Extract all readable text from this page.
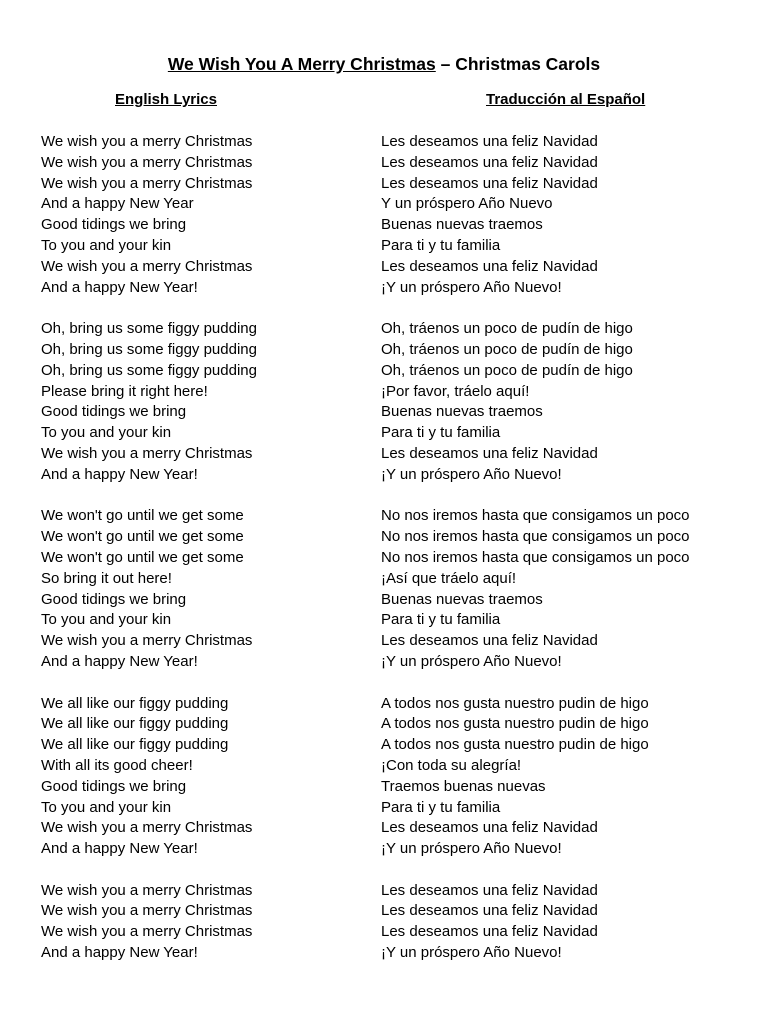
We Wish You A Merry Christmas – Christmas Carols
English Lyrics	Traducción al Español
We wish you a merry Christmas
We wish you a merry Christmas
We wish you a merry Christmas
And a happy New Year
Good tidings we bring
To you and your kin
We wish you a merry Christmas
And a happy New Year!
Oh, bring us some figgy pudding
Oh, bring us some figgy pudding
Oh, bring us some figgy pudding
Please bring it right here!
Good tidings we bring
To you and your kin
We wish you a merry Christmas
And a happy New Year!
We won't go until we get some
We won't go until we get some
We won't go until we get some
So bring it out here!
Good tidings we bring
To you and your kin
We wish you a merry Christmas
And a happy New Year!
We all like our figgy pudding
We all like our figgy pudding
We all like our figgy pudding
With all its good cheer!
Good tidings we bring
To you and your kin
We wish you a merry Christmas
And a happy New Year!
We wish you a merry Christmas
We wish you a merry Christmas
We wish you a merry Christmas
And a happy New Year!
Les deseamos una feliz Navidad
Les deseamos una feliz Navidad
Les deseamos una feliz Navidad
Y un próspero Año Nuevo
Buenas nuevas traemos
Para ti y tu familia
Les deseamos una feliz Navidad
¡Y un próspero Año Nuevo!
Oh, tráenos un poco de pudín de higo
Oh, tráenos un poco de pudín de higo
Oh, tráenos un poco de pudín de higo
¡Por favor, tráelo aquí!
Buenas nuevas traemos
Para ti y tu familia
Les deseamos una feliz Navidad
¡Y un próspero Año Nuevo!
No nos iremos hasta que consigamos un poco
No nos iremos hasta que consigamos un poco
No nos iremos hasta que consigamos un poco
¡Así que tráelo aquí!
Buenas nuevas traemos
Para ti y tu familia
Les deseamos una feliz Navidad
¡Y un próspero Año Nuevo!
A todos nos gusta nuestro pudin de higo
A todos nos gusta nuestro pudin de higo
A todos nos gusta nuestro pudin de higo
¡Con toda su alegría!
Traemos buenas nuevas
Para ti y tu familia
Les deseamos una feliz Navidad
¡Y un próspero Año Nuevo!
Les deseamos una feliz Navidad
Les deseamos una feliz Navidad
Les deseamos una feliz Navidad
¡Y un próspero Año Nuevo!
